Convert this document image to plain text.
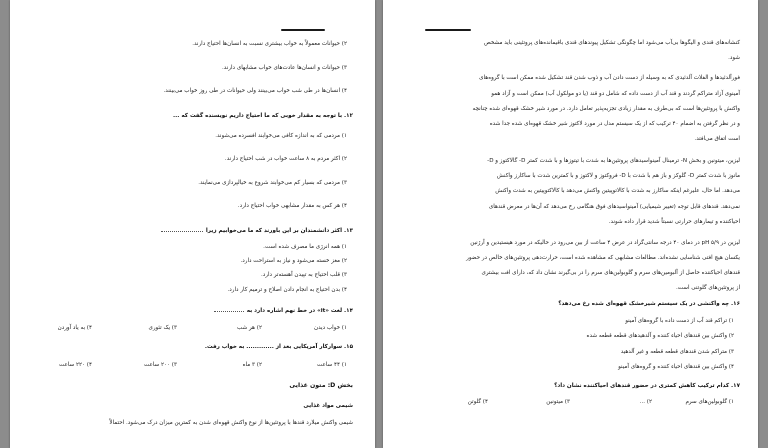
۲) حیوانات معمولاً به خواب بیشتری نسبت به انسان‌ها احتیاج دارند.
۳) حیوانات و انسان‌ها عادت‌های خواب مشابهای دارند.
۴) انسان‌ها در طی شب خواب می‌بینند ولی حیوانات در طی روز خواب می‌بینند.
۱۲. با توجه به مقدار خوبی که ما احتیاج داریم نویسنده گفت که ...
۱) مردمی که به اندازه کافی می‌خوابند افسرده می‌شوند.
۲) اکثر مردم به ۸ ساعت خواب در شب احتیاج دارند.
۳) مردمی که بسیار کم می‌خوابند شروع به خیالپردازی می‌نمایند.
۴) هر کس به مقدار مشابهی خواب احتیاج دارد.
۱۳. اکثر دانشمندان بر این باورند که ما می‌خوابیم زیرا
۱) همه انرژی ما مصرف شده است.
۲) مغز خسته می‌شود و نیاز به استراحت دارد.
۳) قلب احتیاج به تپیدن آهسته‌تر دارد.
۴) بدن احتیاج به انجام دادن اصلاح و ترمیم کار دارد.
۱۴. لغت «it» در خط نهم اشاره دارد به
۱) خواب دیدن
۲) هر شب
۳) یک تئوری
۴) به یاد آوردن
۱۵. سوارکار آمریکایی بعد از ............. به خواب رفت.
۱) ۴۴ ساعت
۲) ۳ ماه
۳) ۲۰۰ ساعت
۴) ۲۲۰ ساعت
بخش D: متون غذایی
شیمی مواد غذایی
شیمی واکنش میلارد قندها با پروتئین‌ها از نوع واکنش قهوه‌ای شدن به کمترین میزان درک می‌شود. احتمالاً
کنشانه‌های قندی و الیگوها بی‌آب می‌شود اما چگونگی تشکیل پیوندهای قندی باقیمانده‌های پروتئینی باید مشخص
شود.
فورآلدئیدها و الفلات آلدئیدی که به وسیله از دست دادن آب و ذوب شدن قند تشکیل شده ممکن است با گروه‌های
آمینوی آزاد متراکم گردند و قند آب از دست داده که شامل دو قند (یا دو مولکول آب) ممکن است و آزاد همو
واکنش با پروتئین‌ها است که بی‌طرف به مقدار زیادی تجزیه‌پذیر تعامل دارد. در مورد شیر خشک قهوه‌ای شده چنانچه
و در نظر گرفتن به اضمام ۴۰ ترکیب که از یک سیستم مدل در مورد لاکتوز شیر خشک قهوه‌ای شده جدا شده
است اتفاق می‌افتد.
لیزین، میتونین و بخش N- ترمینال آمینواسیدهای پروتئین‌ها به شدت با تیتوزها و با شدت کمتر D- گالاکتوز و D-
مانوز با شدت کمتر D- گلوکز و باز هم با شدت با D- فروکتوز و لاکتوز و با کمترین شدت با ساکارز واکنش
می‌دهد. اما حال، علیرغم اینکه ساکارز به شدت با کالاتوپیتین واکنش می‌دهد با کالاکتوپیتین به شدت واکنش
نمی‌دهد. قندهای قابل توجه (تغییر شیمیایی) آمینواسیدهای فوق هنگامی رخ می‌دهد که آن‌ها در معرض قندهای
احیاکننده و تیمارهای حرارتی نسبتاً شدید قرار داده شوند.
لیزین در pH ۵/۹ در دمای ۴۰ درجه سانتی‌گراد در عرض ۴ ساعت از بین می‌رود در حالیکه در مورد هیستیدین و آرژنین
یکسان هیچ افتی شناسایی نشده‌اند. مطالعات مشابهی که مشاهده شده است، حرارت‌دهی پروتئین‌های خالص در حضور
قندهای احیاکننده حاصل از آلبومین‌های سرم و گلوبولین‌های سرم را در بی‌گیرند نشان داد که، دارای افت بیشتری
از پروتئین‌های گلوتنی است.
۱۶. چه واکنشی در یک سیستم شیرخشک قهوه‌ای شده رخ می‌دهد؟
۱) تراکم قند آب از دست داده با گروه‌های آمینو
۲) واکنش بین قندهای احیاء کننده و آلدهیدهای قطعه قطعه شده
۳) متراکم شدن قندهای قطعه قطعه و غیر آلدهید
۴) واکنش بین قندهای احیاء کننده و گروه‌های آمینو
۱۷. کدام ترکیب کاهش کمتری در حضور قندهای احیاکننده نشان داد؟
۱) گلوبولین‌های سرم
۲) ...
۳) میتونین
۴) گلوتن
